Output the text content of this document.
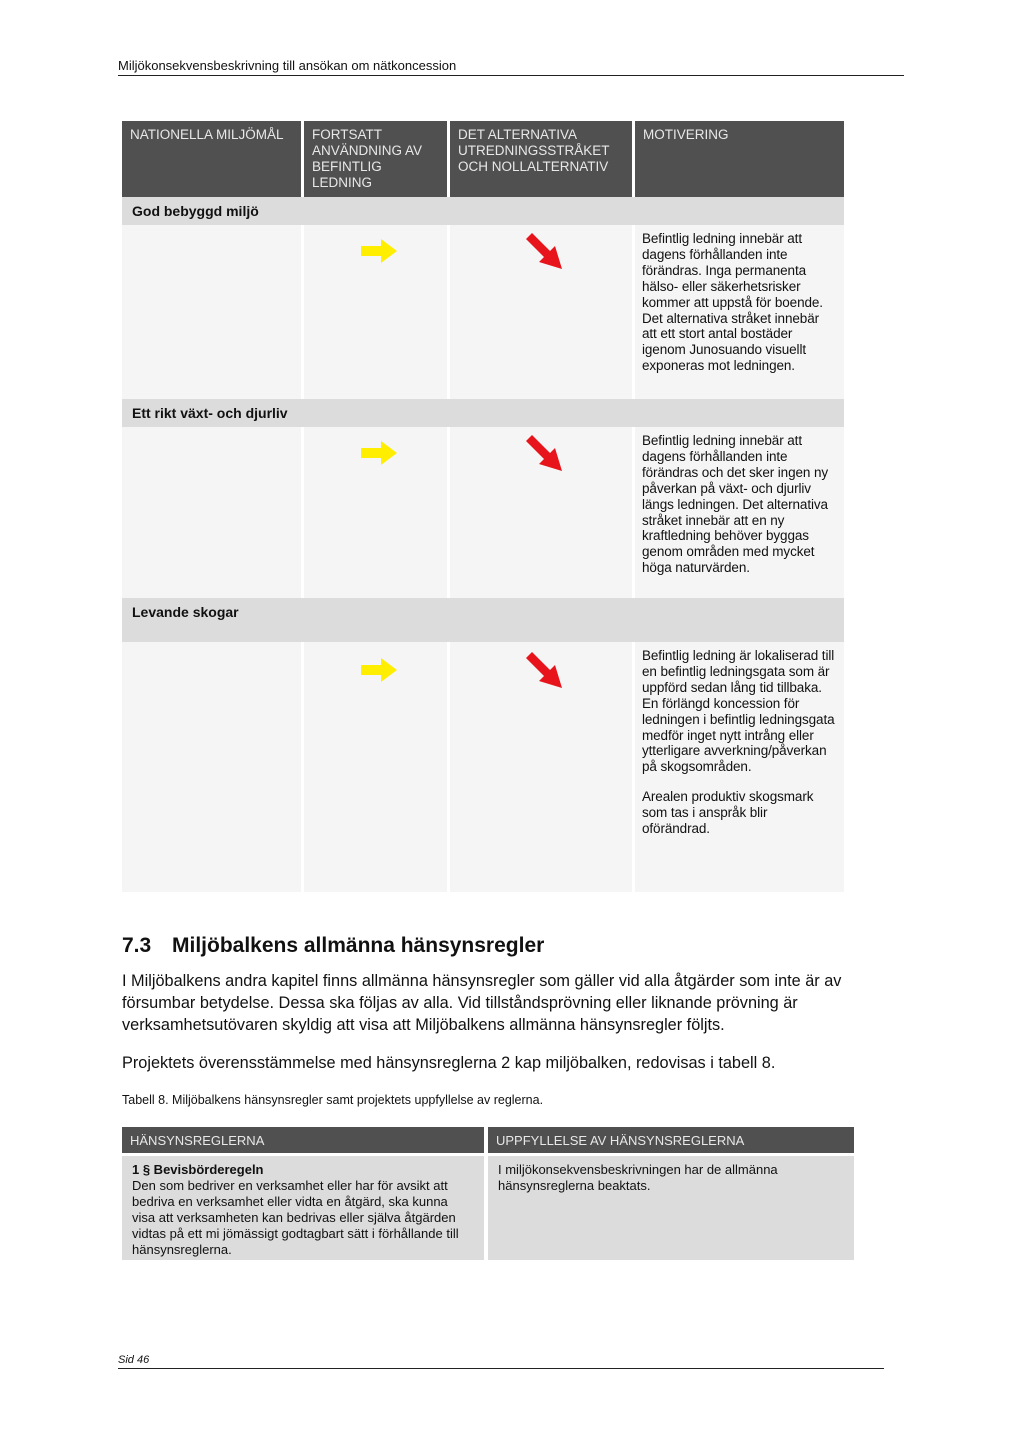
Miljökonsekvensbeskrivning till ansökan om nätkoncession
NATIONELLA MILJÖMÅL	FORTSATT ANVÄNDNING AV BEFINTLIG LEDNING
DET ALTERNATIVA UTREDNINGSSTRÅKET OCH NOLLALTERNATIV
MOTIVERING
God bebyggd miljö

Befintlig ledning innebär att dagens förhållanden inte förändras. Inga permanenta hälso- eller säkerhetsrisker kommer att uppstå för boende. Det alternativa stråket innebär att ett stort antal bostäder igenom Junosuando visuellt exponeras mot ledningen.

Ett rikt växt- och djurliv

Befintlig ledning innebär att dagens förhållanden inte förändras och det sker ingen ny påverkan på växt- och djurliv längs ledningen. Det alternativa stråket innebär att en ny kraftledning behöver byggas genom områden med mycket höga naturvärden.

Levande skogar

Befintlig ledning är lokaliserad till en befintlig ledningsgata som är uppförd sedan lång tid tillbaka. En förlängd koncession för ledningen i befintlig ledningsgata medför inget nytt intrång eller ytterligare avverkning/påverkan på skogsområden.

Arealen produktiv skogsmark som tas i anspråk blir oförändrad.

7.3 Miljöbalkens allmänna hänsynsregler

I Miljöbalkens andra kapitel finns allmänna hänsynsregler som gäller vid alla åtgärder som inte är av försumbar betydelse. Dessa ska följas av alla. Vid tillståndsprövning eller liknande prövning är verksamhetsutövaren skyldig att visa att Miljöbalkens allmänna hänsynsregler följts.

Projektets överensstämmelse med hänsynsreglerna 2 kap miljöbalken, redovisas i tabell 8.

Tabell 8. Miljöbalkens hänsynsregler samt projektets uppfyllelse av reglerna.

HÄNSYNSREGLERNA	UPPFYLLELSE AV HÄNSYNSREGLERNA
1 § Bevisbörderegeln
Den som bedriver en verksamhet eller har för avsikt att bedriva en verksamhet eller vidta en åtgärd, ska kunna visa att verksamheten kan bedrivas eller själva åtgärden vidtas på ett mi jömässigt godtagbart sätt i förhållande till hänsynsreglerna.
I miljökonsekvensbeskrivningen har de allmänna hänsynsreglerna beaktats.
Sid 46
